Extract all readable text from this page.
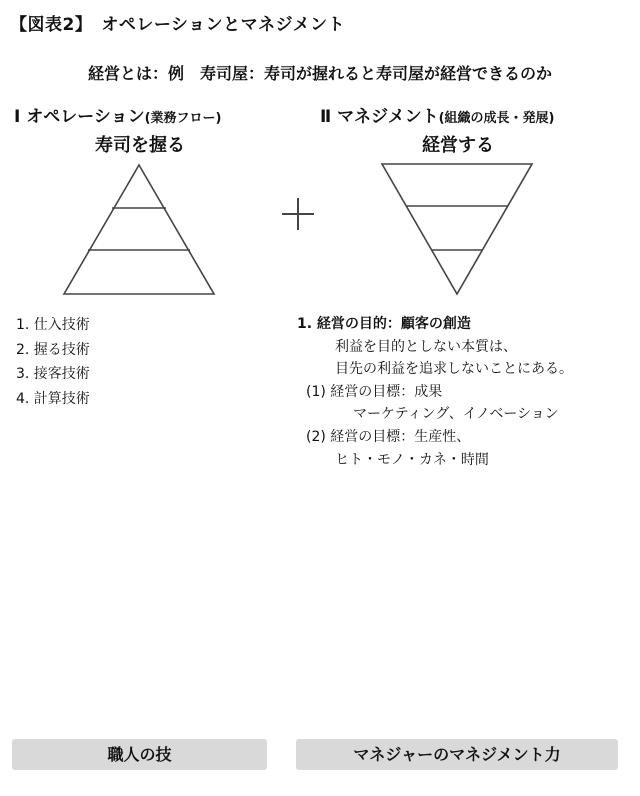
【図表2】　オペレーションとマネジメント
経営とは：例　寿司屋：寿司が握れると寿司屋が経営できるのか
Ⅰ オペレーション(業務フロー)
寿司を握る
Ⅱ マネジメント(組織の成長・発展)
経営する
1. 仕入技術
2. 握る技術
3. 接客技術
4. 計算技術
1. 経営の目的：顧客の創造
利益を目的としない本質は、
目先の利益を追求しないことにある。
(1) 経営の目標：成果
マーケティング、イノベーション
(2) 経営の目標：生産性、
ヒト・モノ・カネ・時間
職人の技	マネジャーのマネジメント力
